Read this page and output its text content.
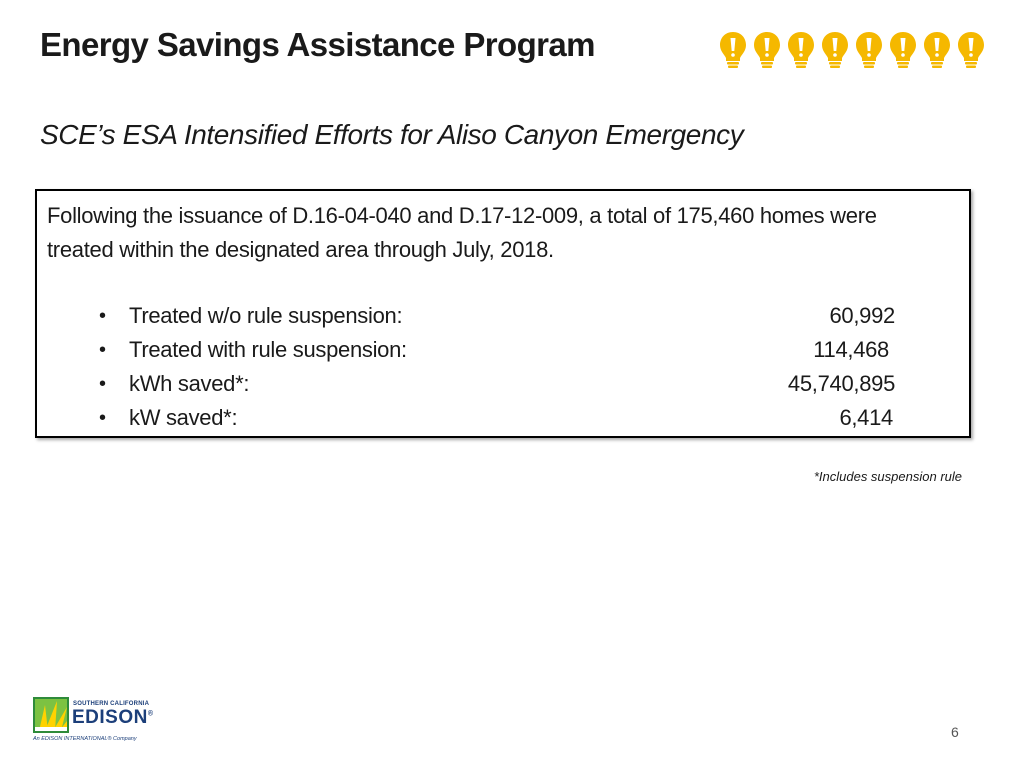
Energy Savings Assistance Program
SCE’s ESA Intensified Efforts for Aliso Canyon Emergency
Following the issuance of D.16-04-040 and D.17-12-009, a total of 175,460 homes were treated within the designated area through July, 2018.
• Treated w/o rule suspension:	60,992
• Treated with rule suspension:	114,468
• kWh saved*:	45,740,895
• kW saved*:	6,414
*Includes suspension rule
SOUTHERN CALIFORNIA
EDISON®
An EDISON INTERNATIONAL® Company	6
